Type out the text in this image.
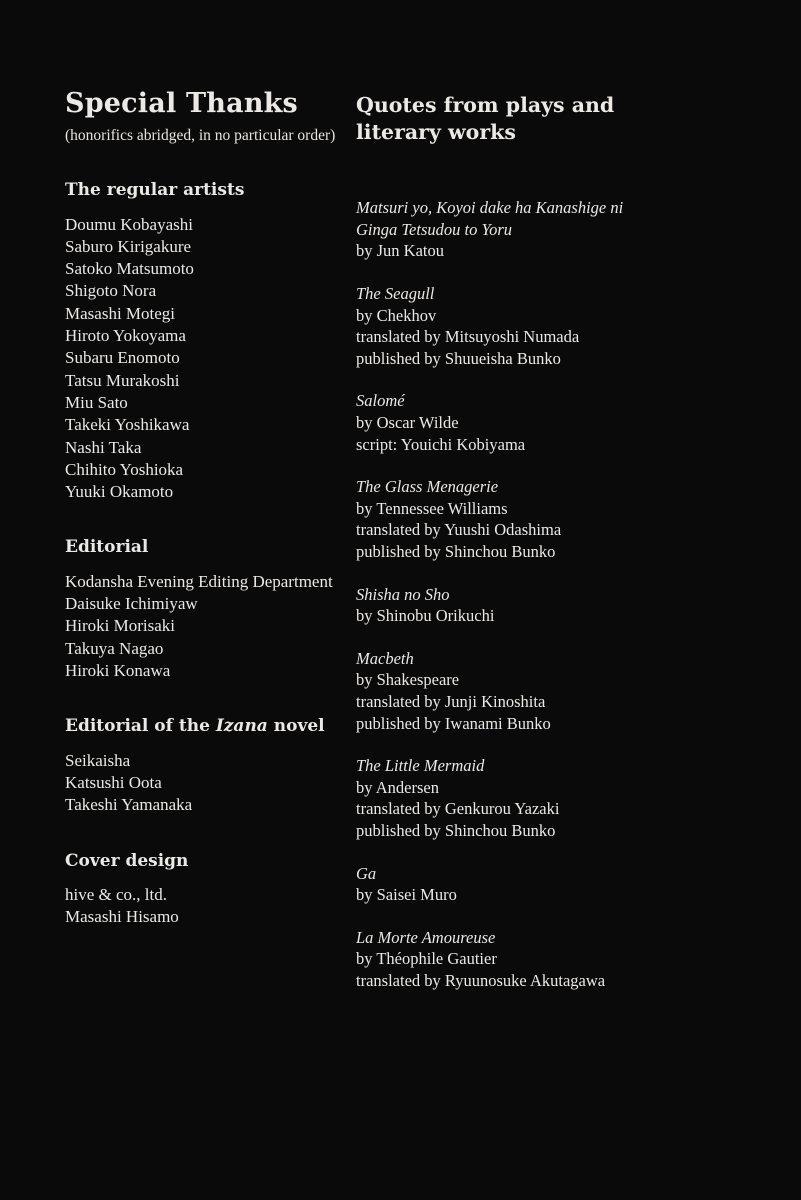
Special Thanks
(honorifics abridged, in no particular order)
The regular artists
Doumu Kobayashi
Saburo Kirigakure
Satoko Matsumoto
Shigoto Nora
Masashi Motegi
Hiroto Yokoyama
Subaru Enomoto
Tatsu Murakoshi
Miu Sato
Takeki Yoshikawa
Nashi Taka
Chihito Yoshioka
Yuuki Okamoto
Editorial
Kodansha Evening Editing Department
Daisuke Ichimiyaw
Hiroki Morisaki
Takuya Nagao
Hiroki Konawa
Editorial of the Izana novel
Seikaisha
Katsushi Oota
Takeshi Yamanaka
Cover design
hive & co., ltd.
Masashi Hisamo
Quotes from plays and literary works
Matsuri yo, Koyoi dake ha Kanashige ni
Ginga Tetsudou to Yoru
by Jun Katou
The Seagull
by Chekhov
translated by Mitsuyoshi Numada
published by Shuueisha Bunko
Salomé
by Oscar Wilde
script: Youichi Kobiyama
The Glass Menagerie
by Tennessee Williams
translated by Yuushi Odashima
published by Shinchou Bunko
Shisha no Sho
by Shinobu Orikuchi
Macbeth
by Shakespeare
translated by Junji Kinoshita
published by Iwanami Bunko
The Little Mermaid
by Andersen
translated by Genkurou Yazaki
published by Shinchou Bunko
Ga
by Saisei Muro
La Morte Amoureuse
by Théophile Gautier
translated by Ryuunosuke Akutagawa
